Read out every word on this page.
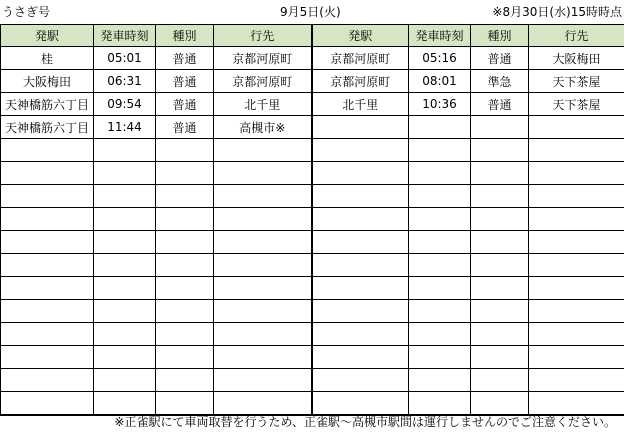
うさぎ号	9月5日(火)	※8月30日(水)15時時点
発駅	発車時刻	種別	行先	発駅	発車時刻	種別	行先
桂	05:01	普通	京都河原町	京都河原町	05:16	普通	大阪梅田
大阪梅田	06:31	普通	京都河原町	京都河原町	08:01	準急	天下茶屋
天神橋筋六丁目	09:54	普通	北千里	北千里	10:36	普通	天下茶屋
天神橋筋六丁目	11:44	普通	高槻市※				

※正雀駅にて車両取替を行うため、正雀駅～高槻市駅間は運行しませんのでご注意ください。
